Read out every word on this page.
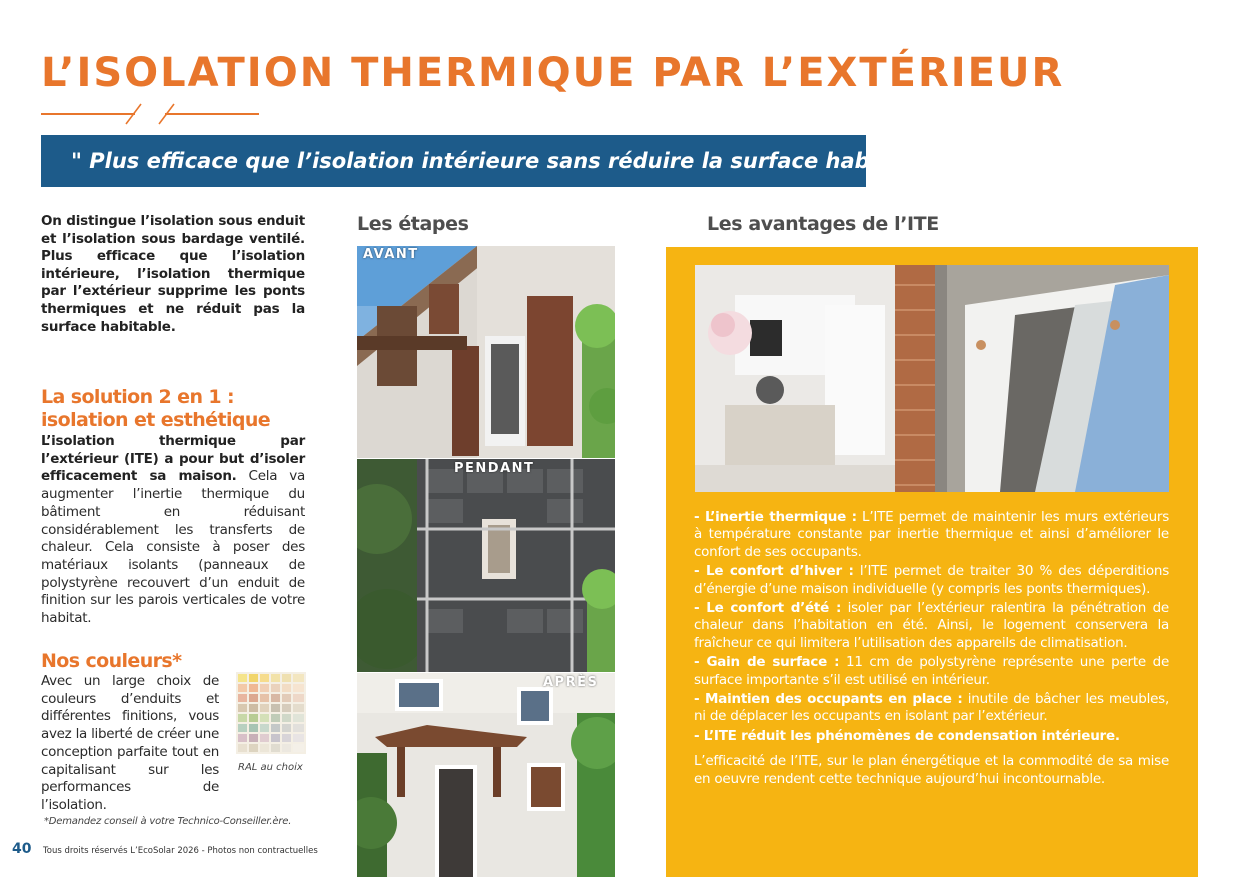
L’ISOLATION THERMIQUE PAR L’EXTÉRIEUR
" Plus efficace que l’isolation intérieure sans réduire la surface habitable ! "

On distingue l’isolation sous enduit et l’isolation sous bardage ventilé. Plus efficace que l’isolation intérieure, l’isolation thermique par l’extérieur supprime les ponts thermiques et ne réduit pas la surface habitable.

La solution 2 en 1 : isolation et esthétique

L’isolation thermique par l’extérieur (ITE) a pour but d’isoler efficacement sa maison. Cela va augmenter l’inertie thermique du bâtiment en réduisant considérablement les transferts de chaleur. Cela consiste à poser des matériaux isolants (panneaux de polystyrène recouvert d’un enduit de finition sur les parois verticales de votre habitat.

Nos couleurs*

Avec un large choix de couleurs d’enduits et différentes finitions, vous avez la liberté de créer une conception parfaite tout en capitalisant sur les performances de l’isolation.

RAL au choix
*Demandez conseil à votre Technico-Conseiller.ère.
40 Tous droits réservés L’EcoSolar 2026 - Photos non contractuelles
Les étapes
AVANT
PENDANT
APRÈS
Les avantages de l’ITE

- L’inertie thermique : L’ITE permet de maintenir les murs extérieurs à température constante par inertie thermique et ainsi d’améliorer le confort de ses occupants.

- Le confort d’hiver : l’ITE permet de traiter 30 % des déperditions d’énergie d’une maison individuelle (y compris les ponts thermiques).

- Le confort d’été : isoler par l’extérieur ralentira la pénétration de chaleur dans l’habitation en été. Ainsi, le logement conservera la fraîcheur ce qui limitera l’utilisation des appareils de climatisation.

- Gain de surface : 11 cm de polystyrène représente une perte de surface importante s’il est utilisé en intérieur.

- Maintien des occupants en place : inutile de bâcher les meubles, ni de déplacer les occupants en isolant par l’extérieur.

- L’ITE réduit les phénomènes de condensation intérieure.

L’efficacité de l’ITE, sur le plan énergétique et la commodité de sa mise en oeuvre rendent cette technique aujourd’hui incontournable.
